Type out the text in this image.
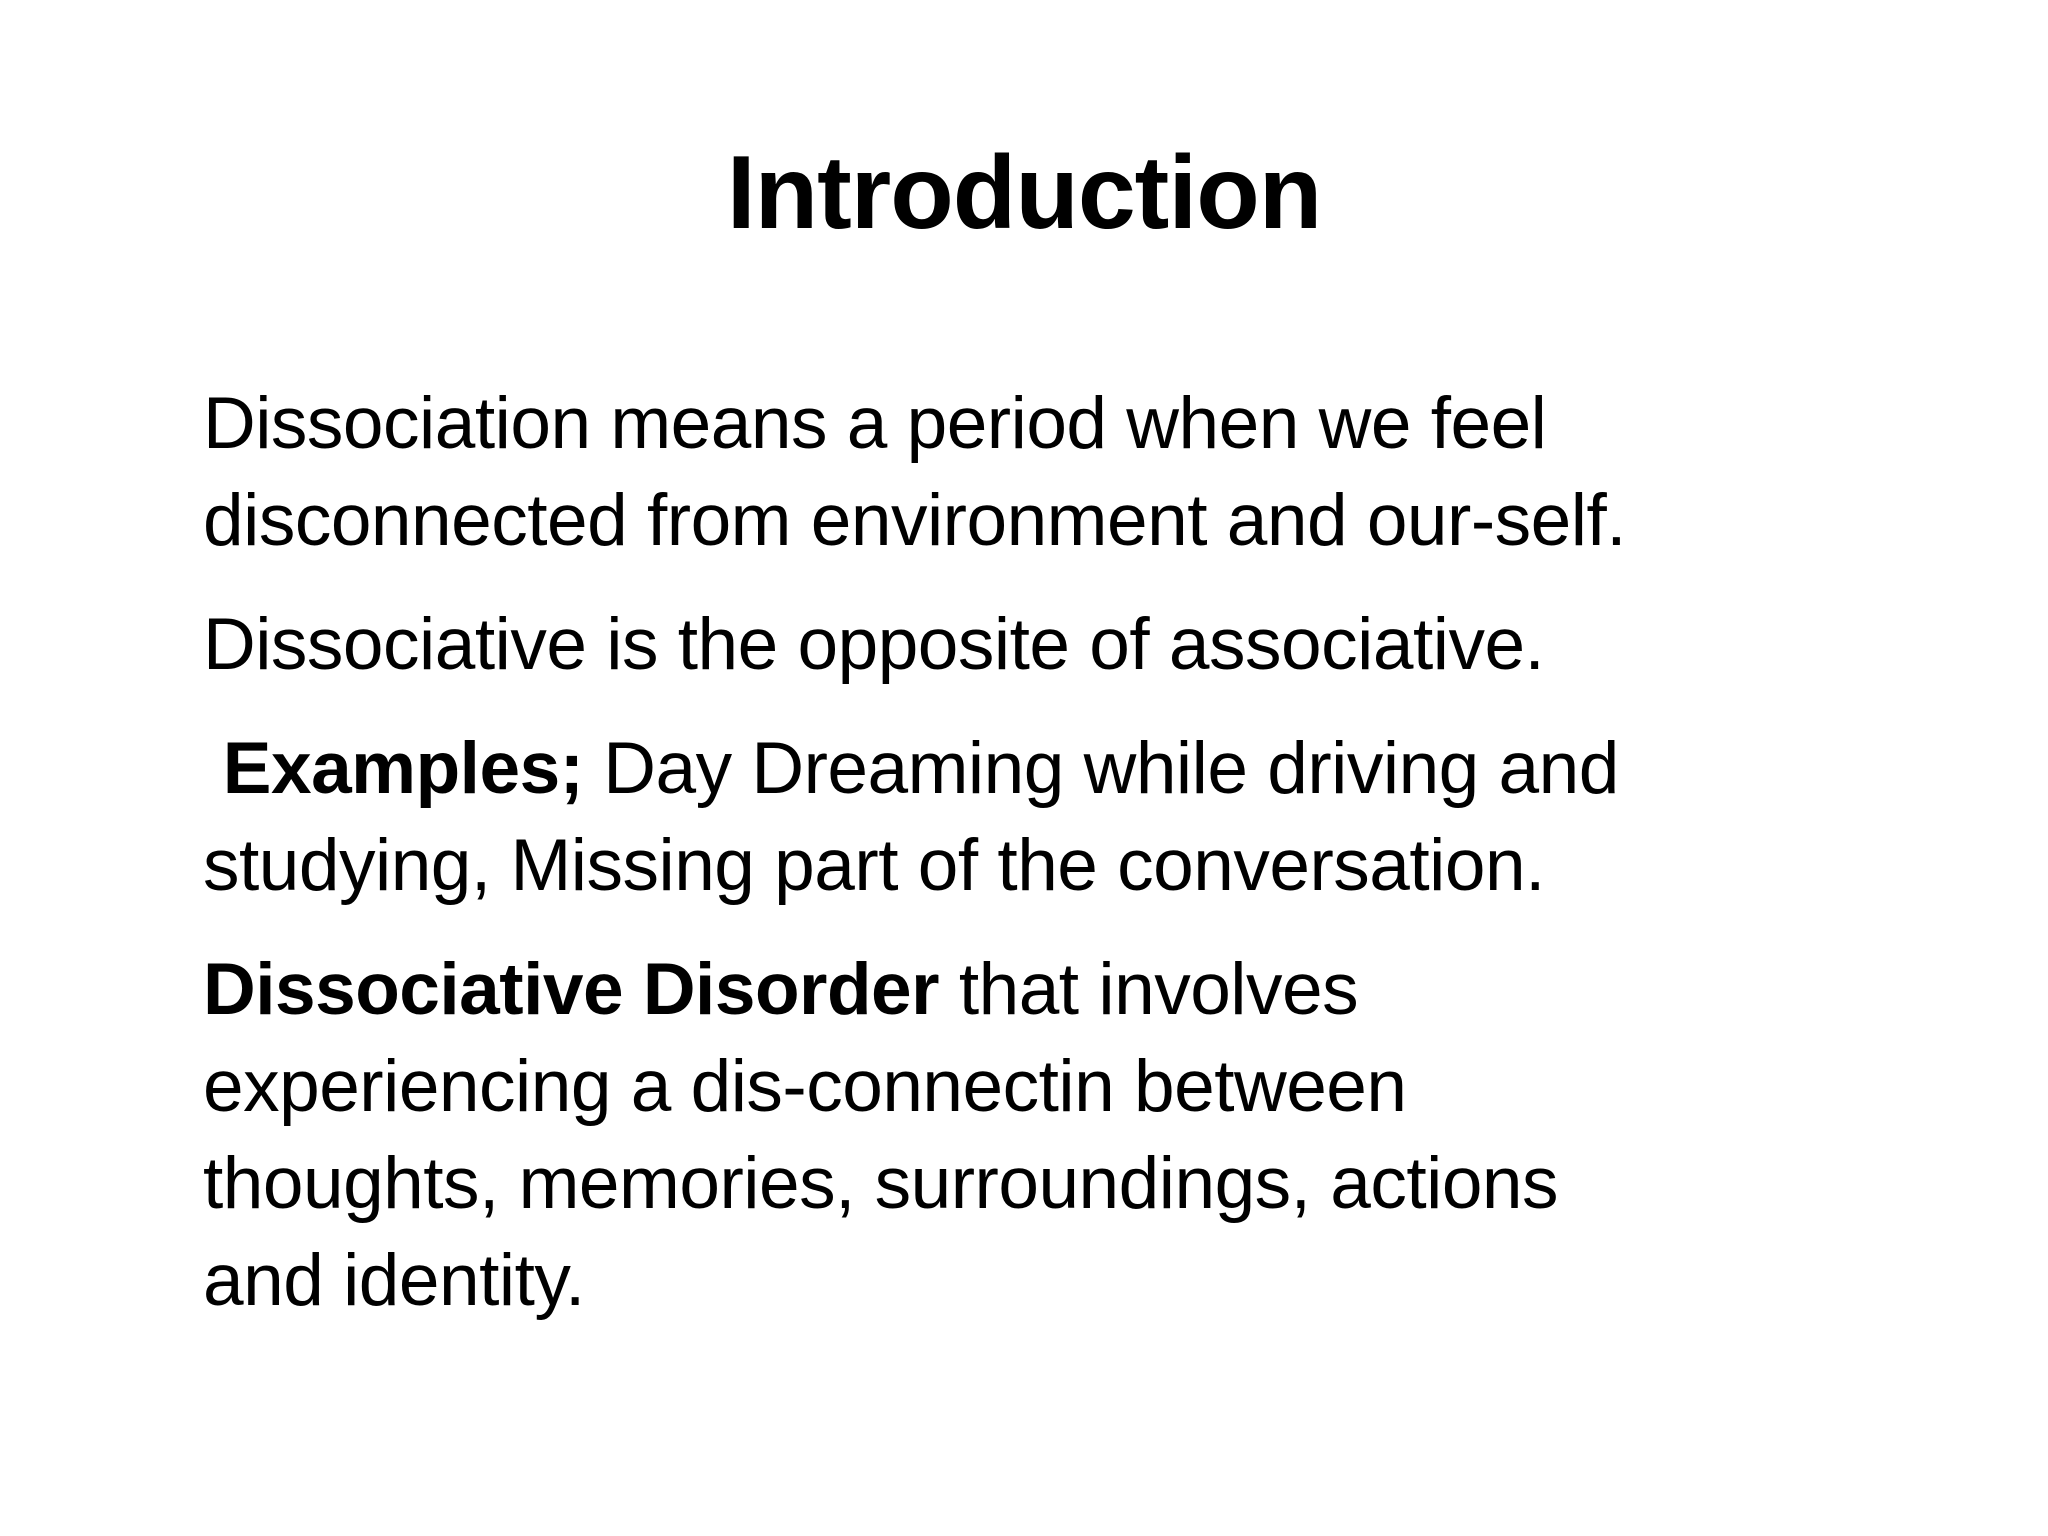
Introduction

Dissociation means a period when we feel
disconnected from environment and our-self.

Dissociative is the opposite of associative.

Examples; Day Dreaming while driving and
studying, Missing part of the conversation.

Dissociative Disorder that involves
experiencing a dis-connectin between
thoughts, memories, surroundings, actions
and identity.
